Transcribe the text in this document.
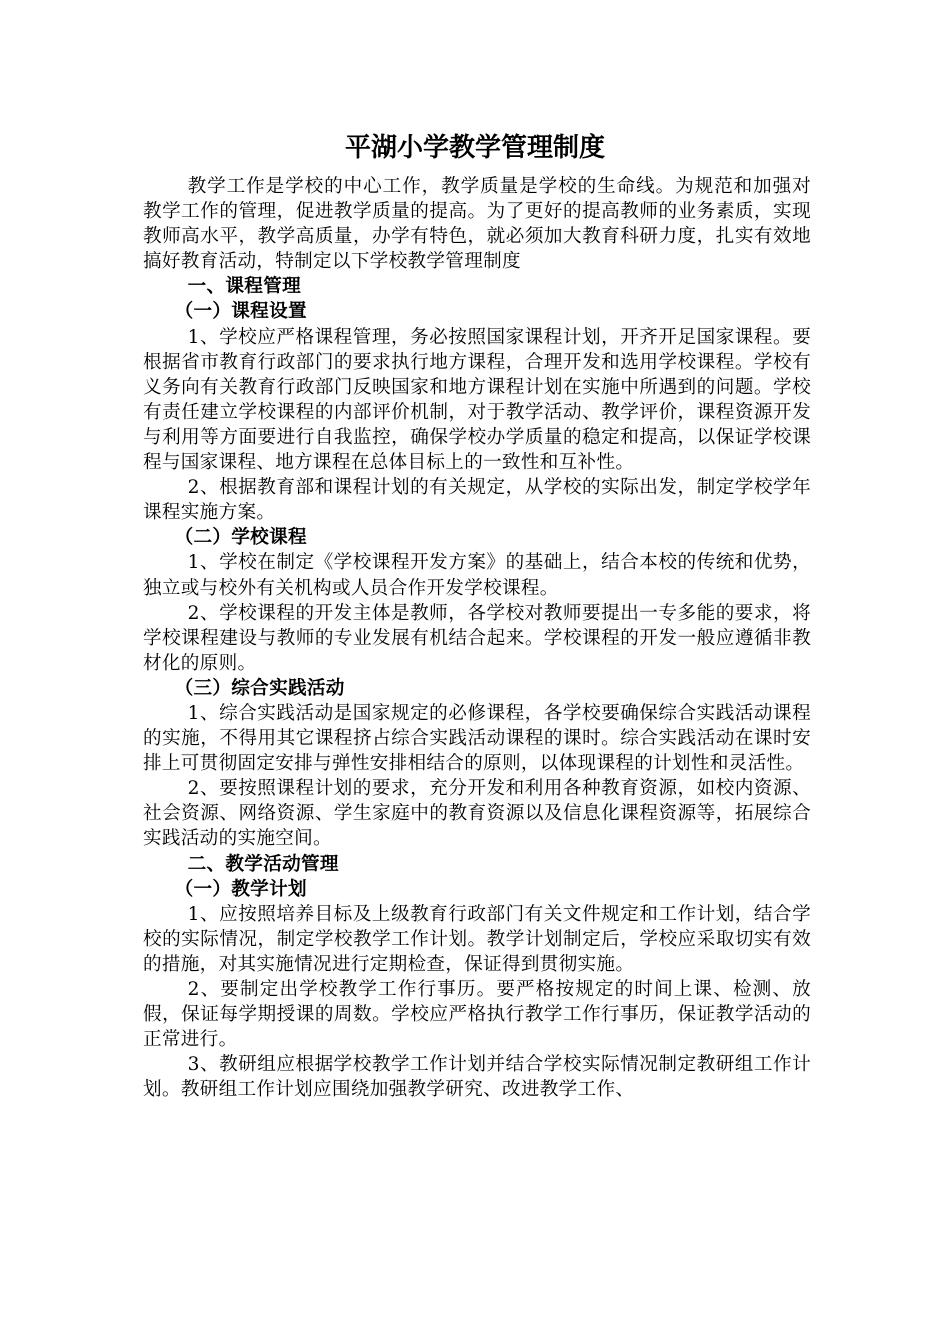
平湖小学教学管理制度

教学工作是学校的中心工作，教学质量是学校的生命线。为规范和加强对教学工作的管理，促进教学质量的提高。为了更好的提高教师的业务素质，实现教师高水平，教学高质量，办学有特色，就必须加大教育科研力度，扎实有效地搞好教育活动，特制定以下学校教学管理制度

一、课程管理

（一）课程设置

1、学校应严格课程管理，务必按照国家课程计划，开齐开足国家课程。要根据省市教育行政部门的要求执行地方课程，合理开发和选用学校课程。学校有义务向有关教育行政部门反映国家和地方课程计划在实施中所遇到的问题。学校有责任建立学校课程的内部评价机制，对于教学活动、教学评价，课程资源开发与利用等方面要进行自我监控，确保学校办学质量的稳定和提高，以保证学校课程与国家课程、地方课程在总体目标上的一致性和互补性。

2、根据教育部和课程计划的有关规定，从学校的实际出发，制定学校学年课程实施方案。

（二）学校课程

1、学校在制定《学校课程开发方案》的基础上，结合本校的传统和优势，独立或与校外有关机构或人员合作开发学校课程。

2、学校课程的开发主体是教师，各学校对教师要提出一专多能的要求，将学校课程建设与教师的专业发展有机结合起来。学校课程的开发一般应遵循非教材化的原则。

（三）综合实践活动

1、综合实践活动是国家规定的必修课程，各学校要确保综合实践活动课程的实施，不得用其它课程挤占综合实践活动课程的课时。综合实践活动在课时安排上可贯彻固定安排与弹性安排相结合的原则，以体现课程的计划性和灵活性。

2、要按照课程计划的要求，充分开发和利用各种教育资源，如校内资源、社会资源、网络资源、学生家庭中的教育资源以及信息化课程资源等，拓展综合实践活动的实施空间。

二、教学活动管理

（一）教学计划

1、应按照培养目标及上级教育行政部门有关文件规定和工作计划，结合学校的实际情况，制定学校教学工作计划。教学计划制定后，学校应采取切实有效的措施，对其实施情况进行定期检查，保证得到贯彻实施。

2、要制定出学校教学工作行事历。要严格按规定的时间上课、检测、放假，保证每学期授课的周数。学校应严格执行教学工作行事历，保证教学活动的正常进行。

3、教研组应根据学校教学工作计划并结合学校实际情况制定教研组工作计划。教研组工作计划应围绕加强教学研究、改进教学工作、
